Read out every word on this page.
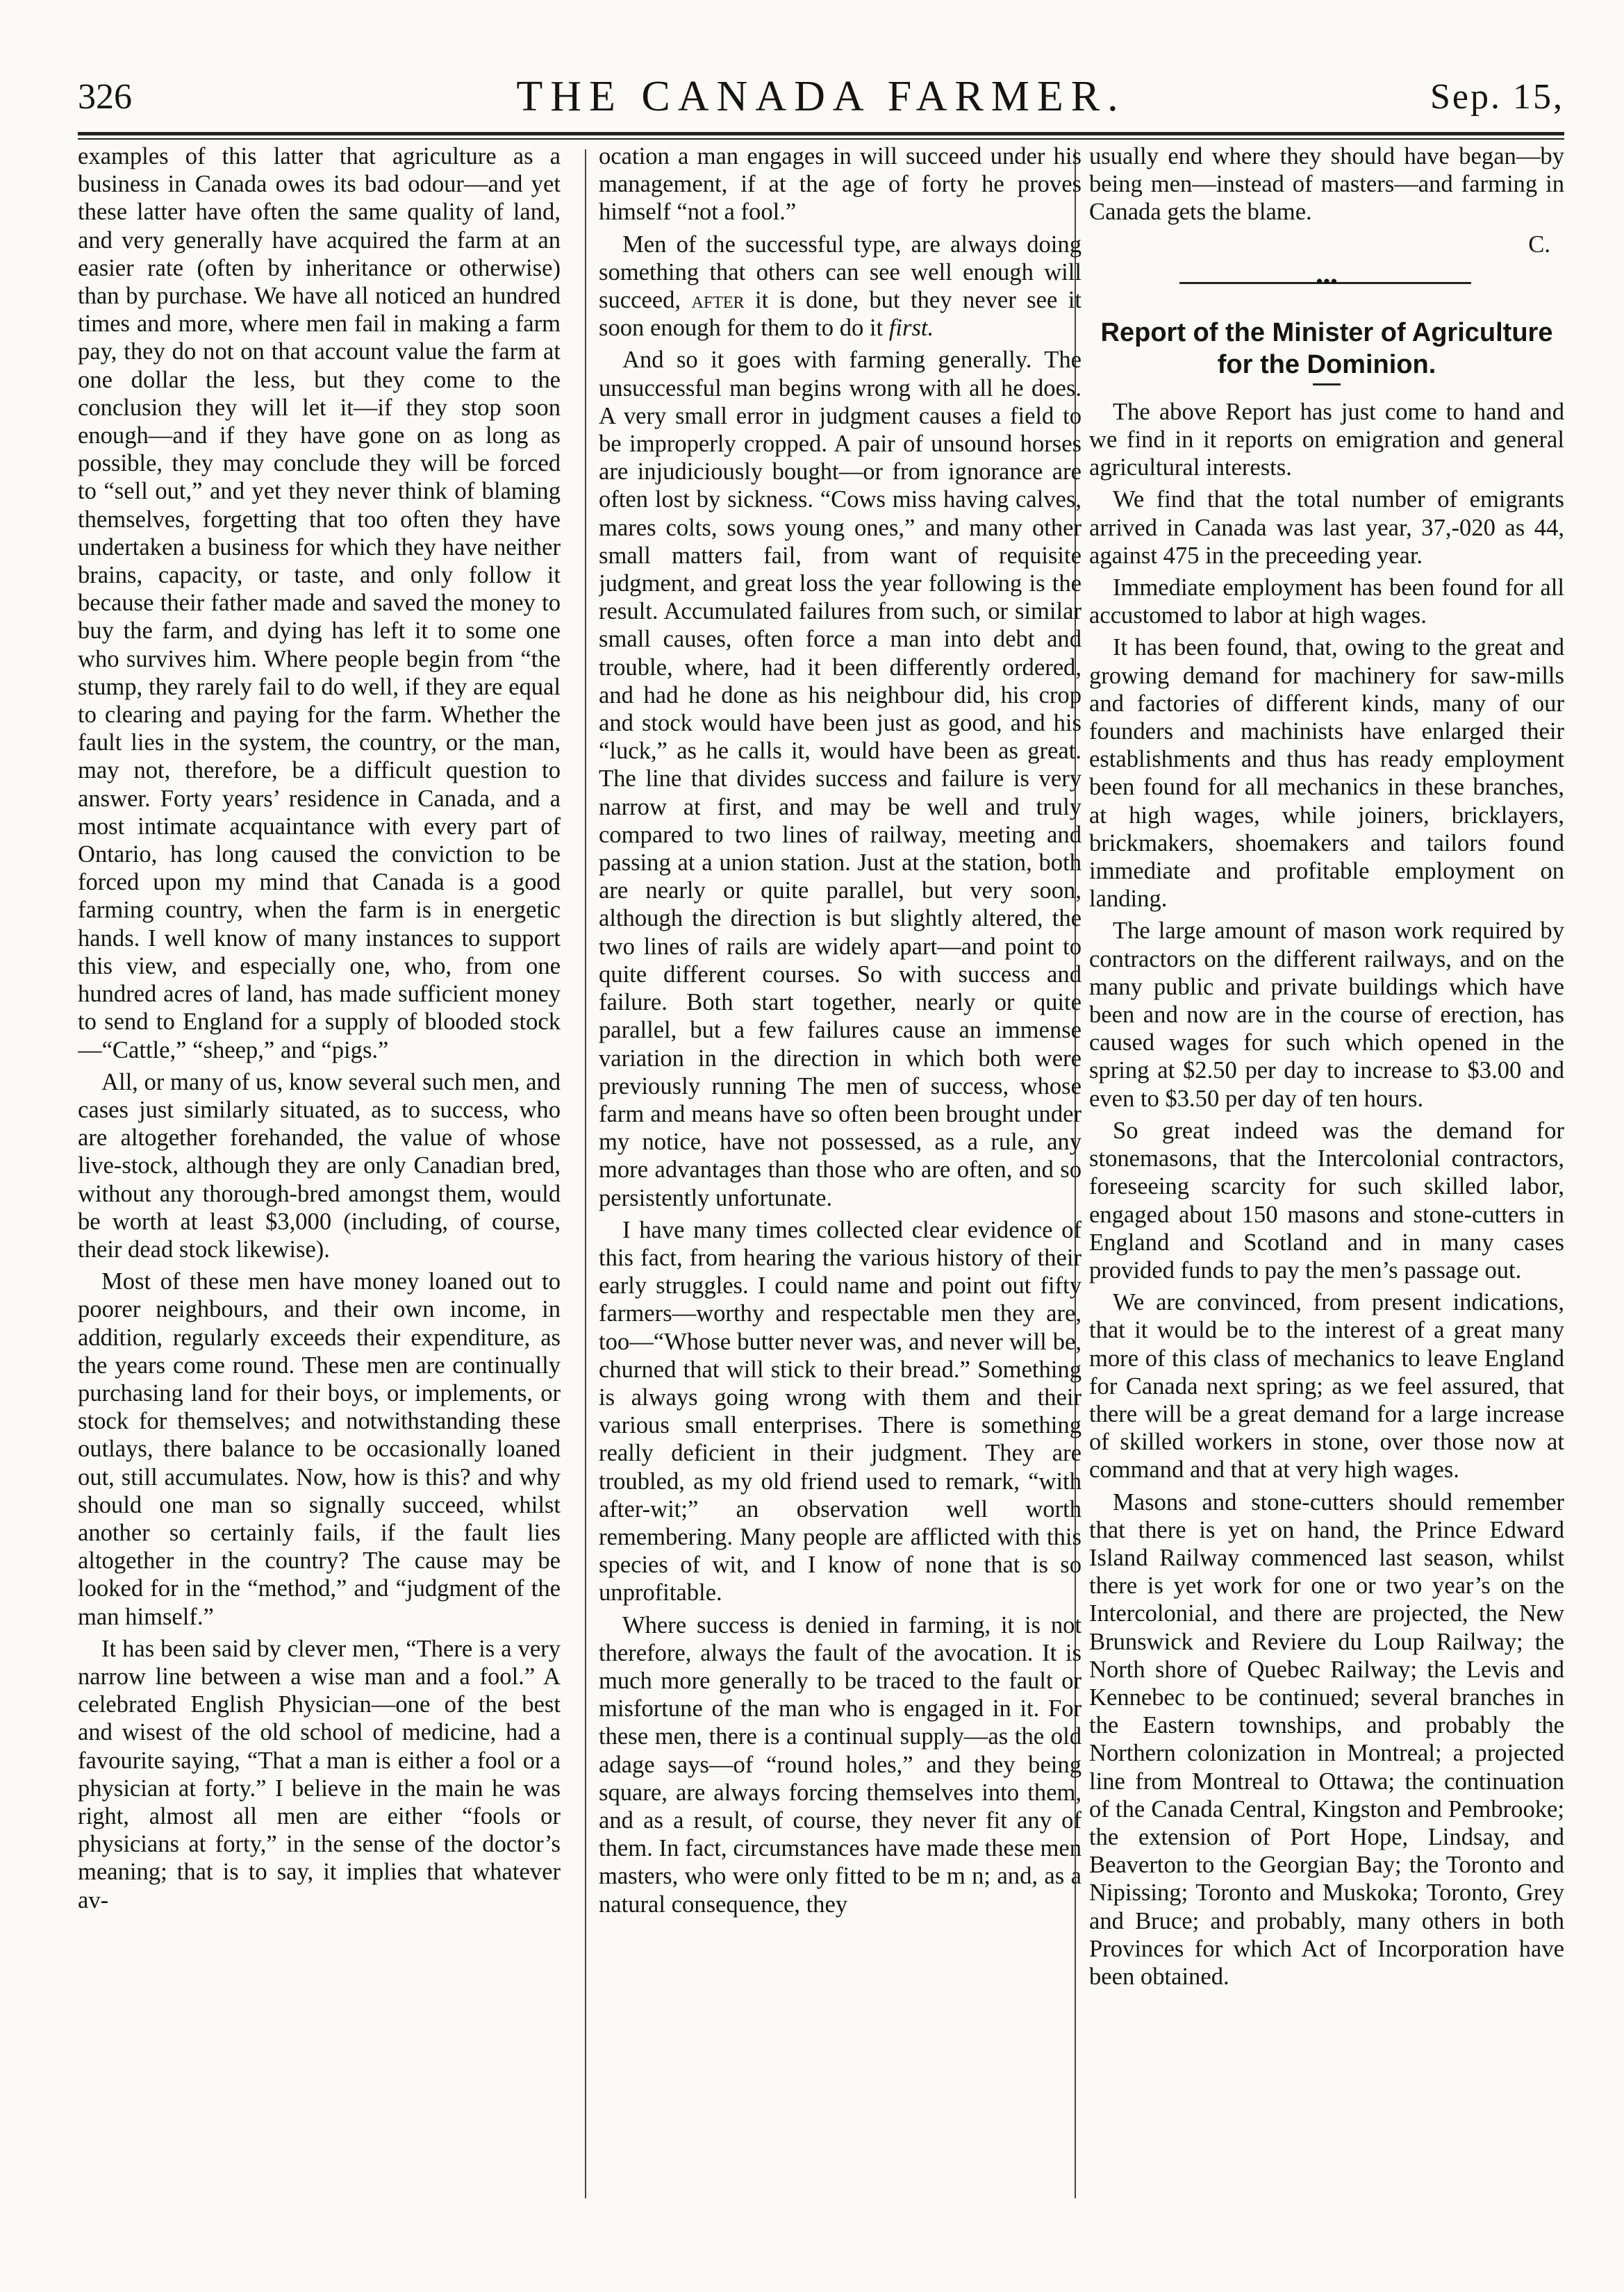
326	THE CANADA FARMER.	Sep. 15,

examples of this latter that agriculture as a business in Canada owes its bad odour—and yet these latter have often the same quality of land, and very generally have acquired the farm at an easier rate (often by inheritance or otherwise) than by purchase. We have all noticed an hundred times and more, where men fail in making a farm pay, they do not on that account value the farm at one dollar the less, but they come to the conclusion they will let it—if they stop soon enough—and if they have gone on as long as possible, they may conclude they will be forced to “sell out,” and yet they never think of blaming themselves, forgetting that too often they have undertaken a business for which they have neither brains, capacity, or taste, and only follow it because their father made and saved the money to buy the farm, and dying has left it to some one who survives him. Where people begin from “the stump, they rarely fail to do well, if they are equal to clearing and paying for the farm. Whether the fault lies in the system, the country, or the man, may not, therefore, be a difficult question to answer. Forty years’ residence in Canada, and a most intimate acquaintance with every part of Ontario, has long caused the conviction to be forced upon my mind that Canada is a good farming country, when the farm is in energetic hands. I well know of many instances to support this view, and especially one, who, from one hundred acres of land, has made sufficient money to send to England for a supply of blooded stock—“Cattle,” “sheep,” and “pigs.”

All, or many of us, know several such men, and cases just similarly situated, as to success, who are altogether forehanded, the value of whose live-stock, although they are only Canadian bred, without any thorough-bred amongst them, would be worth at least $3,000 (including, of course, their dead stock likewise).

Most of these men have money loaned out to poorer neighbours, and their own income, in addition, regularly exceeds their expenditure, as the years come round. These men are continually purchasing land for their boys, or implements, or stock for themselves; and notwithstanding these outlays, there balance to be occasionally loaned out, still accumulates. Now, how is this? and why should one man so signally succeed, whilst another so certainly fails, if the fault lies altogether in the country? The cause may be looked for in the “method,” and “judgment of the man himself.”

It has been said by clever men, “There is a very narrow line between a wise man and a fool.” A celebrated English Physician—one of the best and wisest of the old school of medicine, had a favourite saying, “That a man is either a fool or a physician at forty.” I believe in the main he was right, almost all men are either “fools or physicians at forty,” in the sense of the doctor’s meaning; that is to say, it implies that whatever av-

ocation a man engages in will succeed under his management, if at the age of forty he proves himself “not a fool.”

Men of the successful type, are always doing something that others can see well enough will succeed, after it is done, but they never see it soon enough for them to do it first.

And so it goes with farming generally. The unsuccessful man begins wrong with all he does. A very small error in judgment causes a field to be improperly cropped. A pair of unsound horses are injudiciously bought—or from ignorance are often lost by sickness. “Cows miss having calves, mares colts, sows young ones,” and many other small matters fail, from want of requisite judgment, and great loss the year following is the result. Accumulated failures from such, or similar small causes, often force a man into debt and trouble, where, had it been differently ordered, and had he done as his neighbour did, his crop and stock would have been just as good, and his “luck,” as he calls it, would have been as great. The line that divides success and failure is very narrow at first, and may be well and truly compared to two lines of railway, meeting and passing at a union station. Just at the station, both are nearly or quite parallel, but very soon, although the direction is but slightly altered, the two lines of rails are widely apart—and point to quite different courses. So with success and failure. Both start together, nearly or quite parallel, but a few failures cause an immense variation in the direction in which both were previously running The men of success, whose farm and means have so often been brought under my notice, have not possessed, as a rule, any more advantages than those who are often, and so persistently unfortunate.

I have many times collected clear evidence of this fact, from hearing the various history of their early struggles. I could name and point out fifty farmers—worthy and respectable men they are, too—“Whose butter never was, and never will be, churned that will stick to their bread.” Something is always going wrong with them and their various small enterprises. There is something really deficient in their judgment. They are troubled, as my old friend used to remark, “with after-wit;” an observation well worth remembering. Many people are afflicted with this species of wit, and I know of none that is so unprofitable.

Where success is denied in farming, it is not therefore, always the fault of the avocation. It is much more generally to be traced to the fault or misfortune of the man who is engaged in it. For these men, there is a continual supply—as the old adage says—of “round holes,” and they being square, are always forcing themselves into them, and as a result, of course, they never fit any of them. In fact, circumstances have made these men masters, who were only fitted to be m n; and, as a natural consequence, they

usually end where they should have began—by being men—instead of masters—and farming in Canada gets the blame.

C.

•••
Report of the Minister of Agriculture for the Dominion.

The above Report has just come to hand and we find in it reports on emigration and general agricultural interests.

We find that the total number of emigrants arrived in Canada was last year, 37,-020 as 44, against 475 in the preceeding year.

Immediate employment has been found for all accustomed to labor at high wages.

It has been found, that, owing to the great and growing demand for machinery for saw-mills and factories of different kinds, many of our founders and machinists have enlarged their establishments and thus has ready employment been found for all mechanics in these branches, at high wages, while joiners, bricklayers, brickmakers, shoemakers and tailors found immediate and profitable employment on landing.

The large amount of mason work required by contractors on the different railways, and on the many public and private buildings which have been and now are in the course of erection, has caused wages for such which opened in the spring at $2.50 per day to increase to $3.00 and even to $3.50 per day of ten hours.

So great indeed was the demand for stonemasons, that the Intercolonial contractors, foreseeing scarcity for such skilled labor, engaged about 150 masons and stone-cutters in England and Scotland and in many cases provided funds to pay the men’s passage out.

We are convinced, from present indications, that it would be to the interest of a great many more of this class of mechanics to leave England for Canada next spring; as we feel assured, that there will be a great demand for a large increase of skilled workers in stone, over those now at command and that at very high wages.

Masons and stone-cutters should remember that there is yet on hand, the Prince Edward Island Railway commenced last season, whilst there is yet work for one or two year’s on the Intercolonial, and there are projected, the New Brunswick and Reviere du Loup Railway; the North shore of Quebec Railway; the Levis and Kennebec to be continued; several branches in the Eastern townships, and probably the Northern colonization in Montreal; a projected line from Montreal to Ottawa; the continuation of the Canada Central, Kingston and Pembrooke; the extension of Port Hope, Lindsay, and Beaverton to the Georgian Bay; the Toronto and Nipissing; Toronto and Muskoka; Toronto, Grey and Bruce; and probably, many others in both Provinces for which Act of Incorporation have been obtained.
